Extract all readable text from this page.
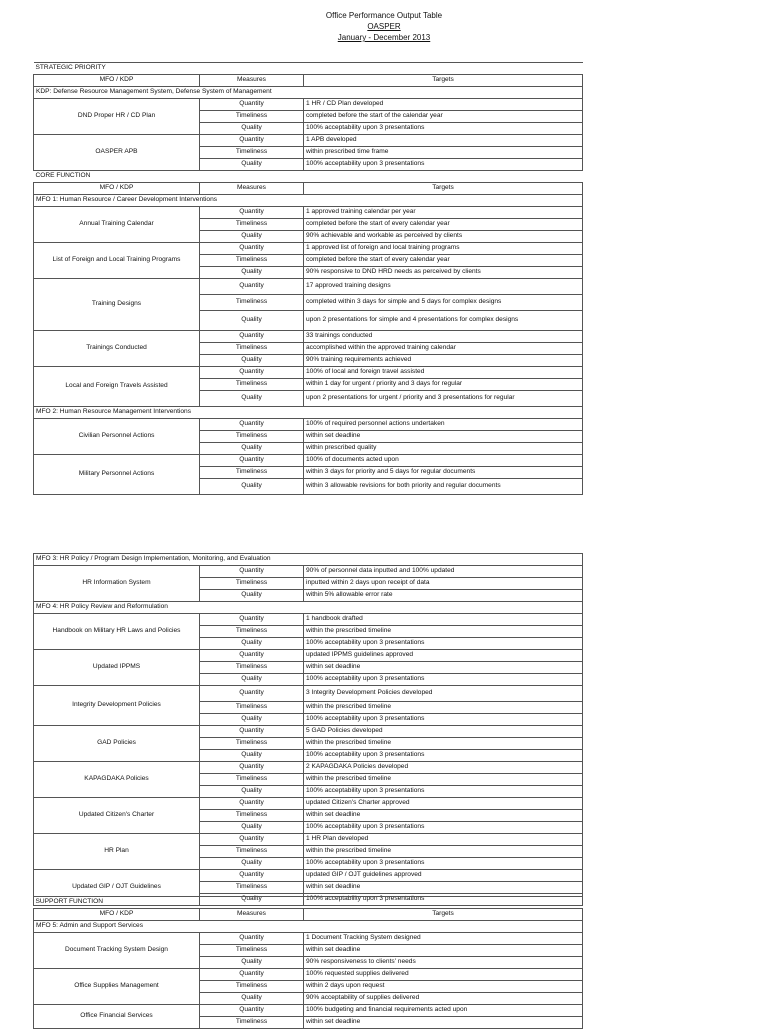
Office Performance Output Table
OASPER
January - December 2013
STRATEGIC PRIORITY		
MFO / KDP	Measures	Targets
KDP: Defense Resource Management System, Defense System of Management		
DND Proper HR / CD Plan	Quantity	1 HR / CD Plan developed
	Timeliness	completed before the start of the calendar year
	Quality	100% acceptability upon 3 presentations
OASPER APB	Quantity	1 APB developed
	Timeliness	within prescribed time frame
	Quality	100% acceptability upon 3 presentations
CORE FUNCTION		
MFO / KDP	Measures	Targets
MFO 1: Human Resource / Career Development Interventions		
Annual Training Calendar	Quantity	1 approved training calendar per year
	Timeliness	completed before the start of every calendar year
	Quality	90% achievable and workable as perceived by clients
List of Foreign and Local Training Programs	Quantity	1 approved list of foreign and local training programs
	Timeliness	completed before the start of every calendar year
	Quality	90% responsive to DND HRD needs as perceived by clients
Training Designs	Quantity	17 approved training designs
	Timeliness	completed within 3 days for simple and 5 days for complex designs
	Quality	upon 2 presentations for simple and 4 presentations for complex designs
Trainings Conducted	Quantity	33 trainings conducted
	Timeliness	accomplished within the approved training calendar
	Quality	90% training requirements achieved
Local and Foreign Travels Assisted	Quantity	100% of local and foreign travel assisted
	Timeliness	within 1 day for urgent / priority and 3 days for regular
	Quality	upon 2 presentations for urgent / priority and 3 presentations for regular
MFO 2: Human Resource Management Interventions		
Civilian Personnel Actions	Quantity	100% of required personnel actions undertaken
	Timeliness	within set deadline
	Quality	within prescribed quality
Military Personnel Actions	Quantity	100% of documents acted upon
	Timeliness	within 3 days for priority and 5 days for regular documents
	Quality	within 3 allowable revisions for both priority and regular documents
MFO 3: HR Policy / Program Design Implementation, Monitoring, and Evaluation		
HR Information System	Quantity	90% of personnel data inputted and 100% updated
	Timeliness	inputted within 2 days upon receipt of data
	Quality	within 5% allowable error rate
MFO 4: HR Policy Review and Reformulation		
Handbook on Military HR Laws and Policies	Quantity	1 handbook drafted
	Timeliness	within the prescribed timeline
	Quality	100% acceptability upon 3 presentations
Updated IPPMS	Quantity	updated IPPMS guidelines approved
	Timeliness	within set deadline
	Quality	100% acceptability upon 3 presentations
Integrity Development Policies	Quantity	3 Integrity Development Policies developed
	Timeliness	within the prescribed timeline
	Quality	100% acceptability upon 3 presentations
GAD Policies	Quantity	5 GAD Policies developed
	Timeliness	within the prescribed timeline
	Quality	100% acceptability upon 3 presentations
KAPAGDAKA Policies	Quantity	2 KAPAGDAKA Policies developed
	Timeliness	within the prescribed timeline
	Quality	100% acceptability upon 3 presentations
Updated Citizen's Charter	Quantity	updated Citizen's Charter approved
	Timeliness	within set deadline
	Quality	100% acceptability upon 3 presentations
HR Plan	Quantity	1 HR Plan developed
	Timeliness	within the prescribed timeline
	Quality	100% acceptability upon 3 presentations
Updated GIP / OJT Guidelines	Quantity	updated GIP / OJT guidelines approved
	Timeliness	within set deadline
	Quality	100% acceptability upon 3 presentations
SUPPORT FUNCTION		
MFO / KDP	Measures	Targets
MFO 5: Admin and Support Services		
Document Tracking System Design	Quantity	1 Document Tracking System designed
	Timeliness	within set deadline
	Quality	90% responsiveness to clients' needs
Office Supplies Management	Quantity	100% requested supplies delivered
	Timeliness	within 2 days upon request
	Quality	90% acceptability of supplies delivered
Office Financial Services	Quantity	100% budgeting and financial requirements acted upon
	Timeliness	within set deadline
